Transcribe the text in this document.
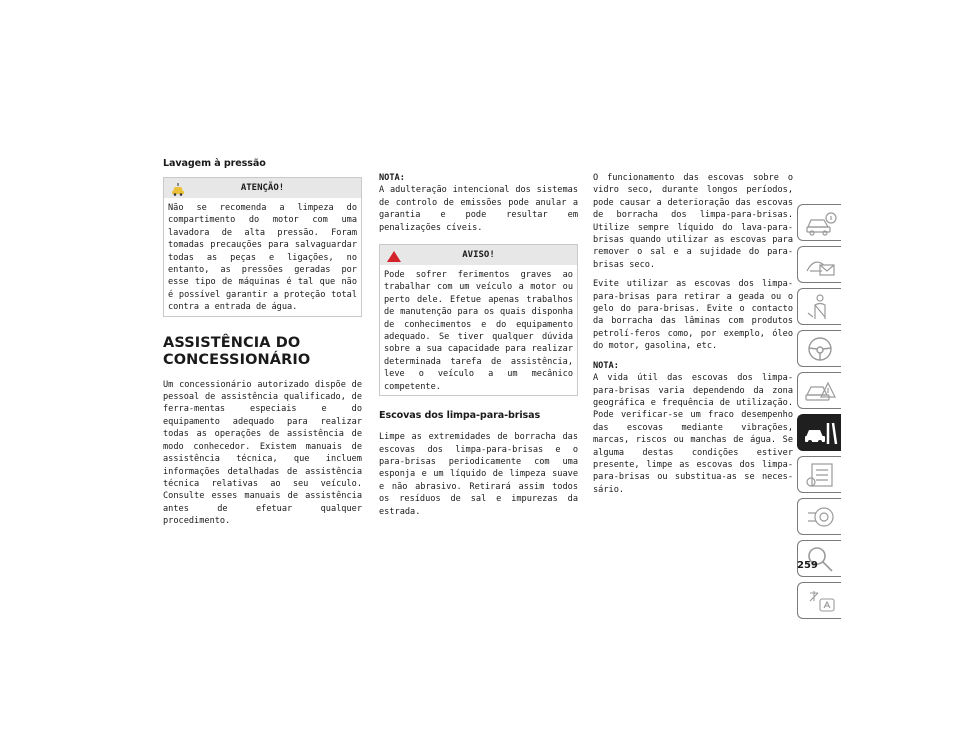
Lavagem à pressão
ATENÇÃO!

Não se recomenda a limpeza do compartimento do motor com uma lavadora de alta pressão. Foram tomadas precauções para salvaguardar todas as peças e ligações, no entanto, as pressões geradas por esse tipo de máquinas é tal que não é possível garantir a proteção total contra a entrada de água.

ASSISTÊNCIA DO
CONCESSIONÁRIO

Um concessionário autorizado dispõe de pessoal de assistência qualificado, de ferra-mentas especiais e do equipamento adequado para realizar todas as operações de assistência de modo conhecedor. Existem manuais de assistência técnica, que incluem informações detalhadas de assistência técnica relativas ao seu veículo. Consulte esses manuais de assistência antes de efetuar qualquer procedimento.

NOTA:

A adulteração intencional dos sistemas de controlo de emissões pode anular a garantia e pode resultar em penalizações cíveis.

AVISO!

Pode sofrer ferimentos graves ao trabalhar com um veículo a motor ou perto dele. Efetue apenas trabalhos de manutenção para os quais disponha de conhecimentos e do equipamento adequado. Se tiver qualquer dúvida sobre a sua capacidade para realizar determinada tarefa de assistência, leve o veículo a um mecânico competente.

Escovas dos limpa-para-brisas

Limpe as extremidades de borracha das escovas dos limpa-para-brisas e o para-brisas periodicamente com uma esponja e um líquido de limpeza suave e não abrasivo. Retirará assim todos os resíduos de sal e impurezas da estrada.

O funcionamento das escovas sobre o vidro seco, durante longos períodos, pode causar a deterioração das escovas de borracha dos limpa-para-brisas. Utilize sempre líquido do lava-para-brisas quando utilizar as escovas para remover o sal e a sujidade do para-brisas seco.

Evite utilizar as escovas dos limpa-para-brisas para retirar a geada ou o gelo do para-brisas. Evite o contacto da borracha das lâminas com produtos petrolí-feros como, por exemplo, óleo do motor, gasolina, etc.

NOTA:

A vida útil das escovas dos limpa-para-brisas varia dependendo da zona geográfica e frequência de utilização. Pode verificar-se um fraco desempenho das escovas mediante vibrações, marcas, riscos ou manchas de água. Se alguma destas condições estiver presente, limpe as escovas dos limpa-para-brisas ou substitua-as se neces-sário.

259
